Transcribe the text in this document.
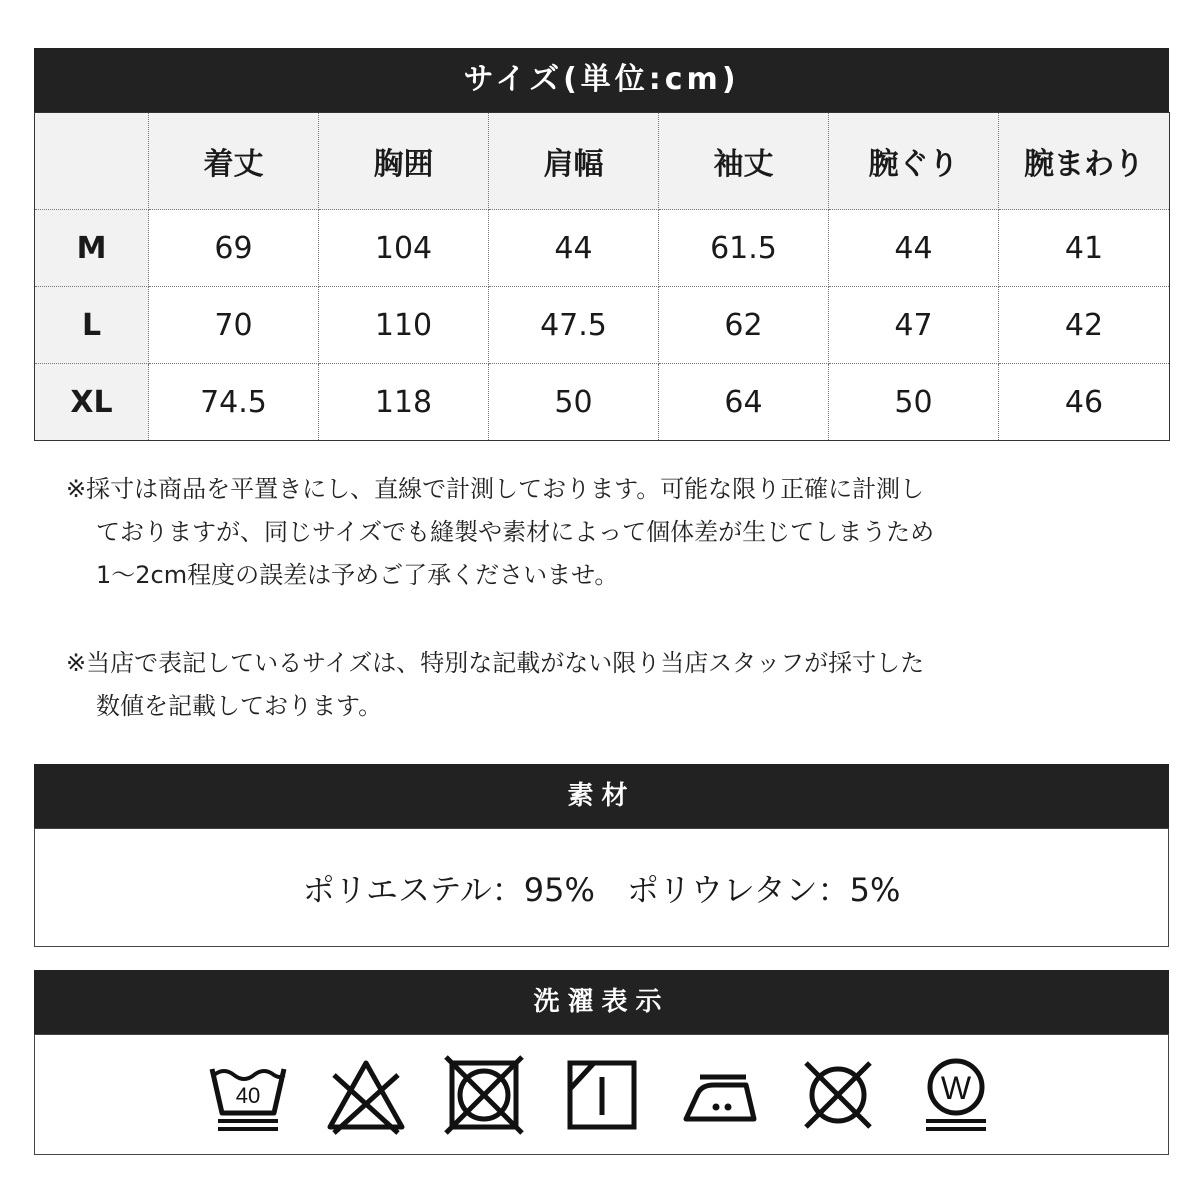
サイズ(単位:cm)
	着丈	胸囲	肩幅	袖丈	腕ぐり	腕まわり
M	69	104	44	61.5	44	41
L	70	110	47.5	62	47	42
XL	74.5	118	50	64	50	46
※採寸は商品を平置きにし、直線で計測しております。可能な限り正確に計測し
ておりますが、同じサイズでも縫製や素材によって個体差が生じてしまうため
1〜2cm程度の誤差は予めご了承くださいませ。
※当店で表記しているサイズは、特別な記載がない限り当店スタッフが採寸した
数値を記載しております。
素材
ポリエステル：95%　ポリウレタン：5%
洗濯表示
40	W
